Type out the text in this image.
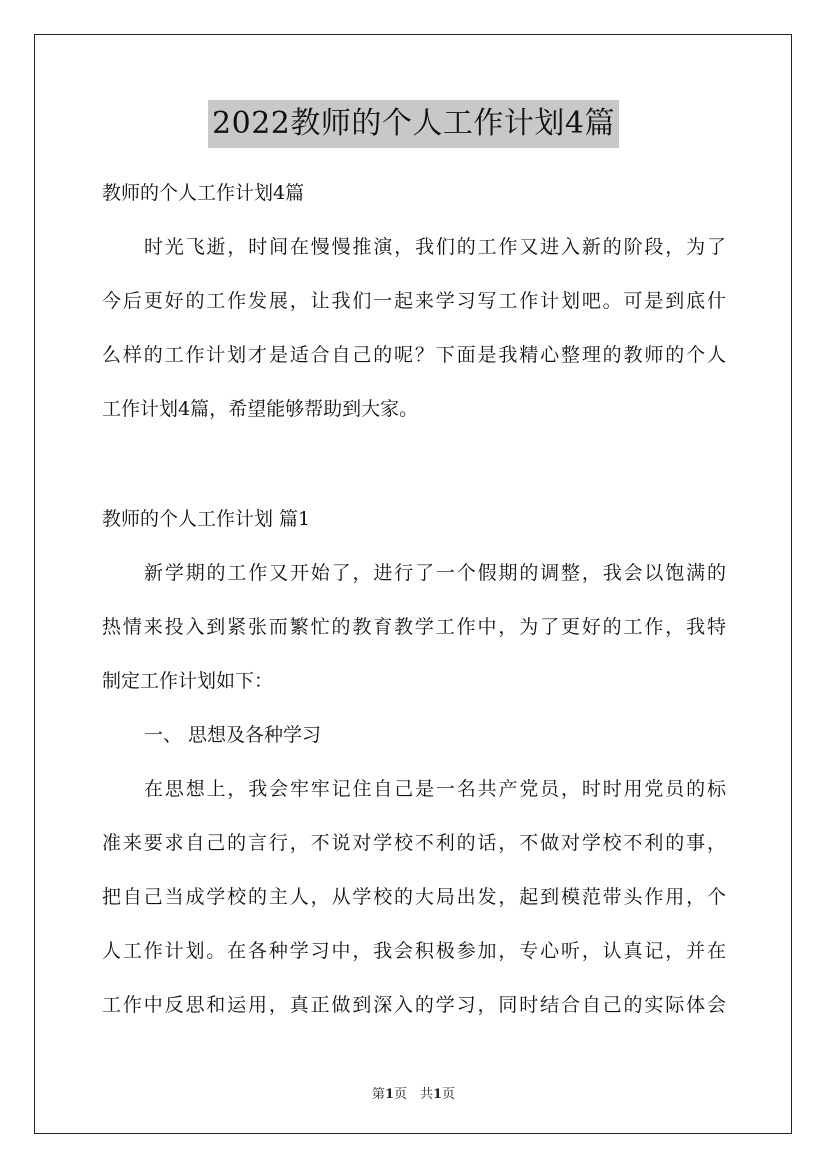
2022教师的个人工作计划4篇

教师的个人工作计划4篇

时光飞逝，时间在慢慢推演，我们的工作又进入新的阶段，为了

今后更好的工作发展，让我们一起来学习写工作计划吧。可是到底什

么样的工作计划才是适合自己的呢？下面是我精心整理的教师的个人

工作计划4篇，希望能够帮助到大家。

教师的个人工作计划 篇1

新学期的工作又开始了，进行了一个假期的调整，我会以饱满的

热情来投入到紧张而繁忙的教育教学工作中，为了更好的工作，我特

制定工作计划如下：

一、 思想及各种学习

在思想上，我会牢牢记住自己是一名共产党员，时时用党员的标

准来要求自己的言行，不说对学校不利的话，不做对学校不利的事，

把自己当成学校的主人，从学校的大局出发，起到模范带头作用，个

人工作计划。在各种学习中，我会积极参加，专心听，认真记，并在

工作中反思和运用，真正做到深入的学习，同时结合自己的实际体会

第1页　共1页
